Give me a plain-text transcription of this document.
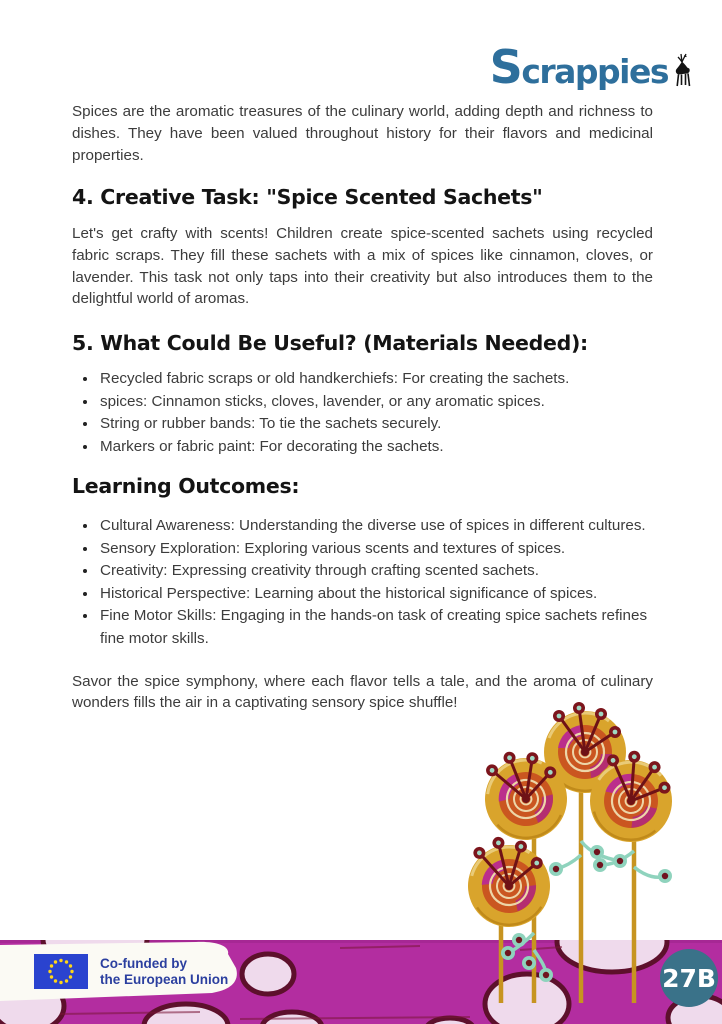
Scrappies

Spices are the aromatic treasures of the culinary world, adding depth and richness to dishes. They have been valued throughout history for their flavors and medicinal properties.

4. Creative Task: "Spice Scented Sachets"

Let's get crafty with scents! Children create spice-scented sachets using recycled fabric scraps. They fill these sachets with a mix of spices like cinnamon, cloves, or lavender. This task not only taps into their creativity but also introduces them to the delightful world of aromas.

5. What Could Be Useful? (Materials Needed):
• Recycled fabric scraps or old handkerchiefs: For creating the sachets.
• spices: Cinnamon sticks, cloves, lavender, or any aromatic spices.
• String or rubber bands: To tie the sachets securely.
• Markers or fabric paint: For decorating the sachets.
Learning Outcomes:
• Cultural Awareness: Understanding the diverse use of spices in different cultures.
• Sensory Exploration: Exploring various scents and textures of spices.
• Creativity: Expressing creativity through crafting scented sachets.
• Historical Perspective: Learning about the historical significance of spices.
• Fine Motor Skills: Engaging in the hands-on task of creating spice sachets refines fine motor skills.

Savor the spice symphony, where each flavor tells a tale, and the aroma of culinary wonders fills the air in a captivating sensory spice shuffle!

Co-funded by
the European Union	27B
